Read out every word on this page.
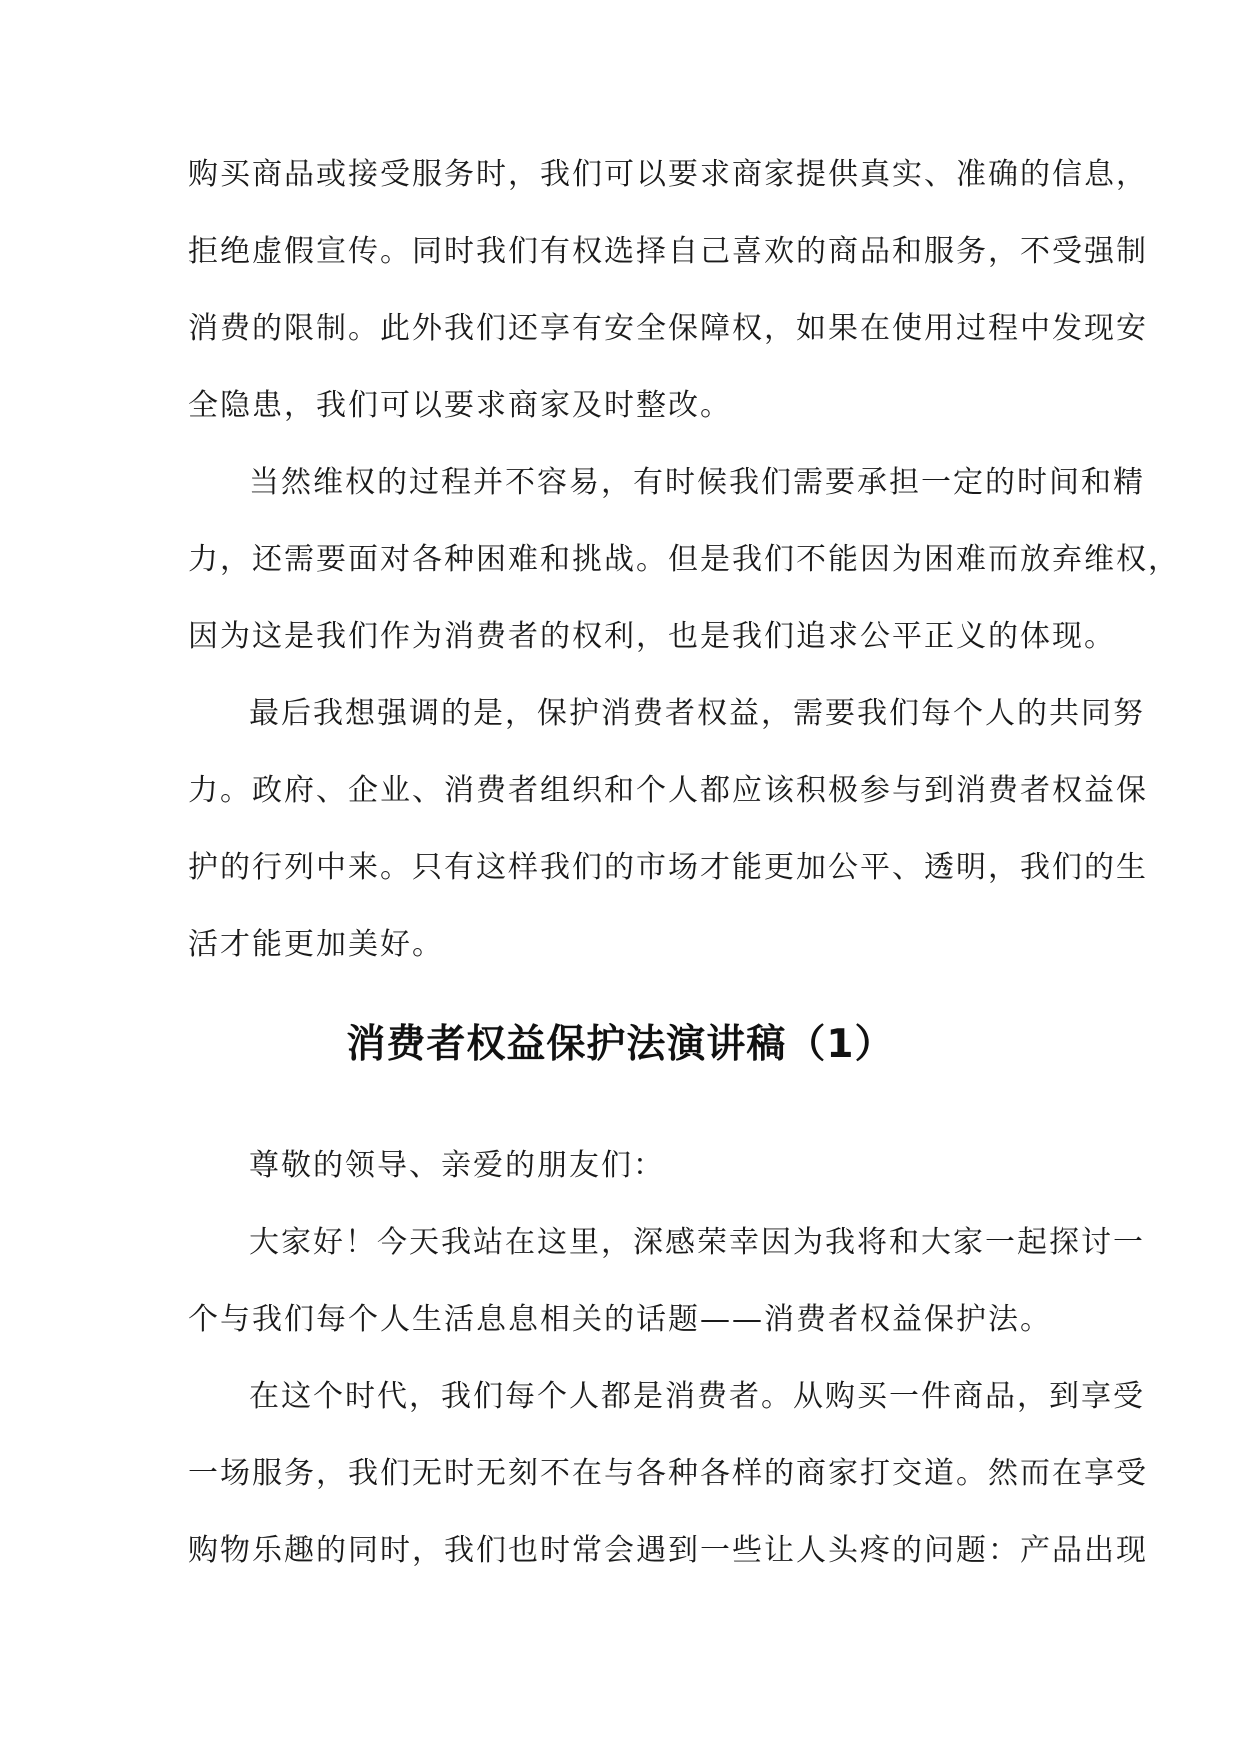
购买商品或接受服务时，我们可以要求商家提供真实、准确的信息，
拒绝虚假宣传。同时我们有权选择自己喜欢的商品和服务，不受强制
消费的限制。此外我们还享有安全保障权，如果在使用过程中发现安
全隐患，我们可以要求商家及时整改。
当然维权的过程并不容易，有时候我们需要承担一定的时间和精
力，还需要面对各种困难和挑战。但是我们不能因为困难而放弃维权，
因为这是我们作为消费者的权利，也是我们追求公平正义的体现。
最后我想强调的是，保护消费者权益，需要我们每个人的共同努
力。政府、企业、消费者组织和个人都应该积极参与到消费者权益保
护的行列中来。只有这样我们的市场才能更加公平、透明，我们的生
活才能更加美好。
消费者权益保护法演讲稿（1）
尊敬的领导、亲爱的朋友们：
大家好！今天我站在这里，深感荣幸因为我将和大家一起探讨一
个与我们每个人生活息息相关的话题——消费者权益保护法。
在这个时代，我们每个人都是消费者。从购买一件商品，到享受
一场服务，我们无时无刻不在与各种各样的商家打交道。然而在享受
购物乐趣的同时，我们也时常会遇到一些让人头疼的问题：产品出现
